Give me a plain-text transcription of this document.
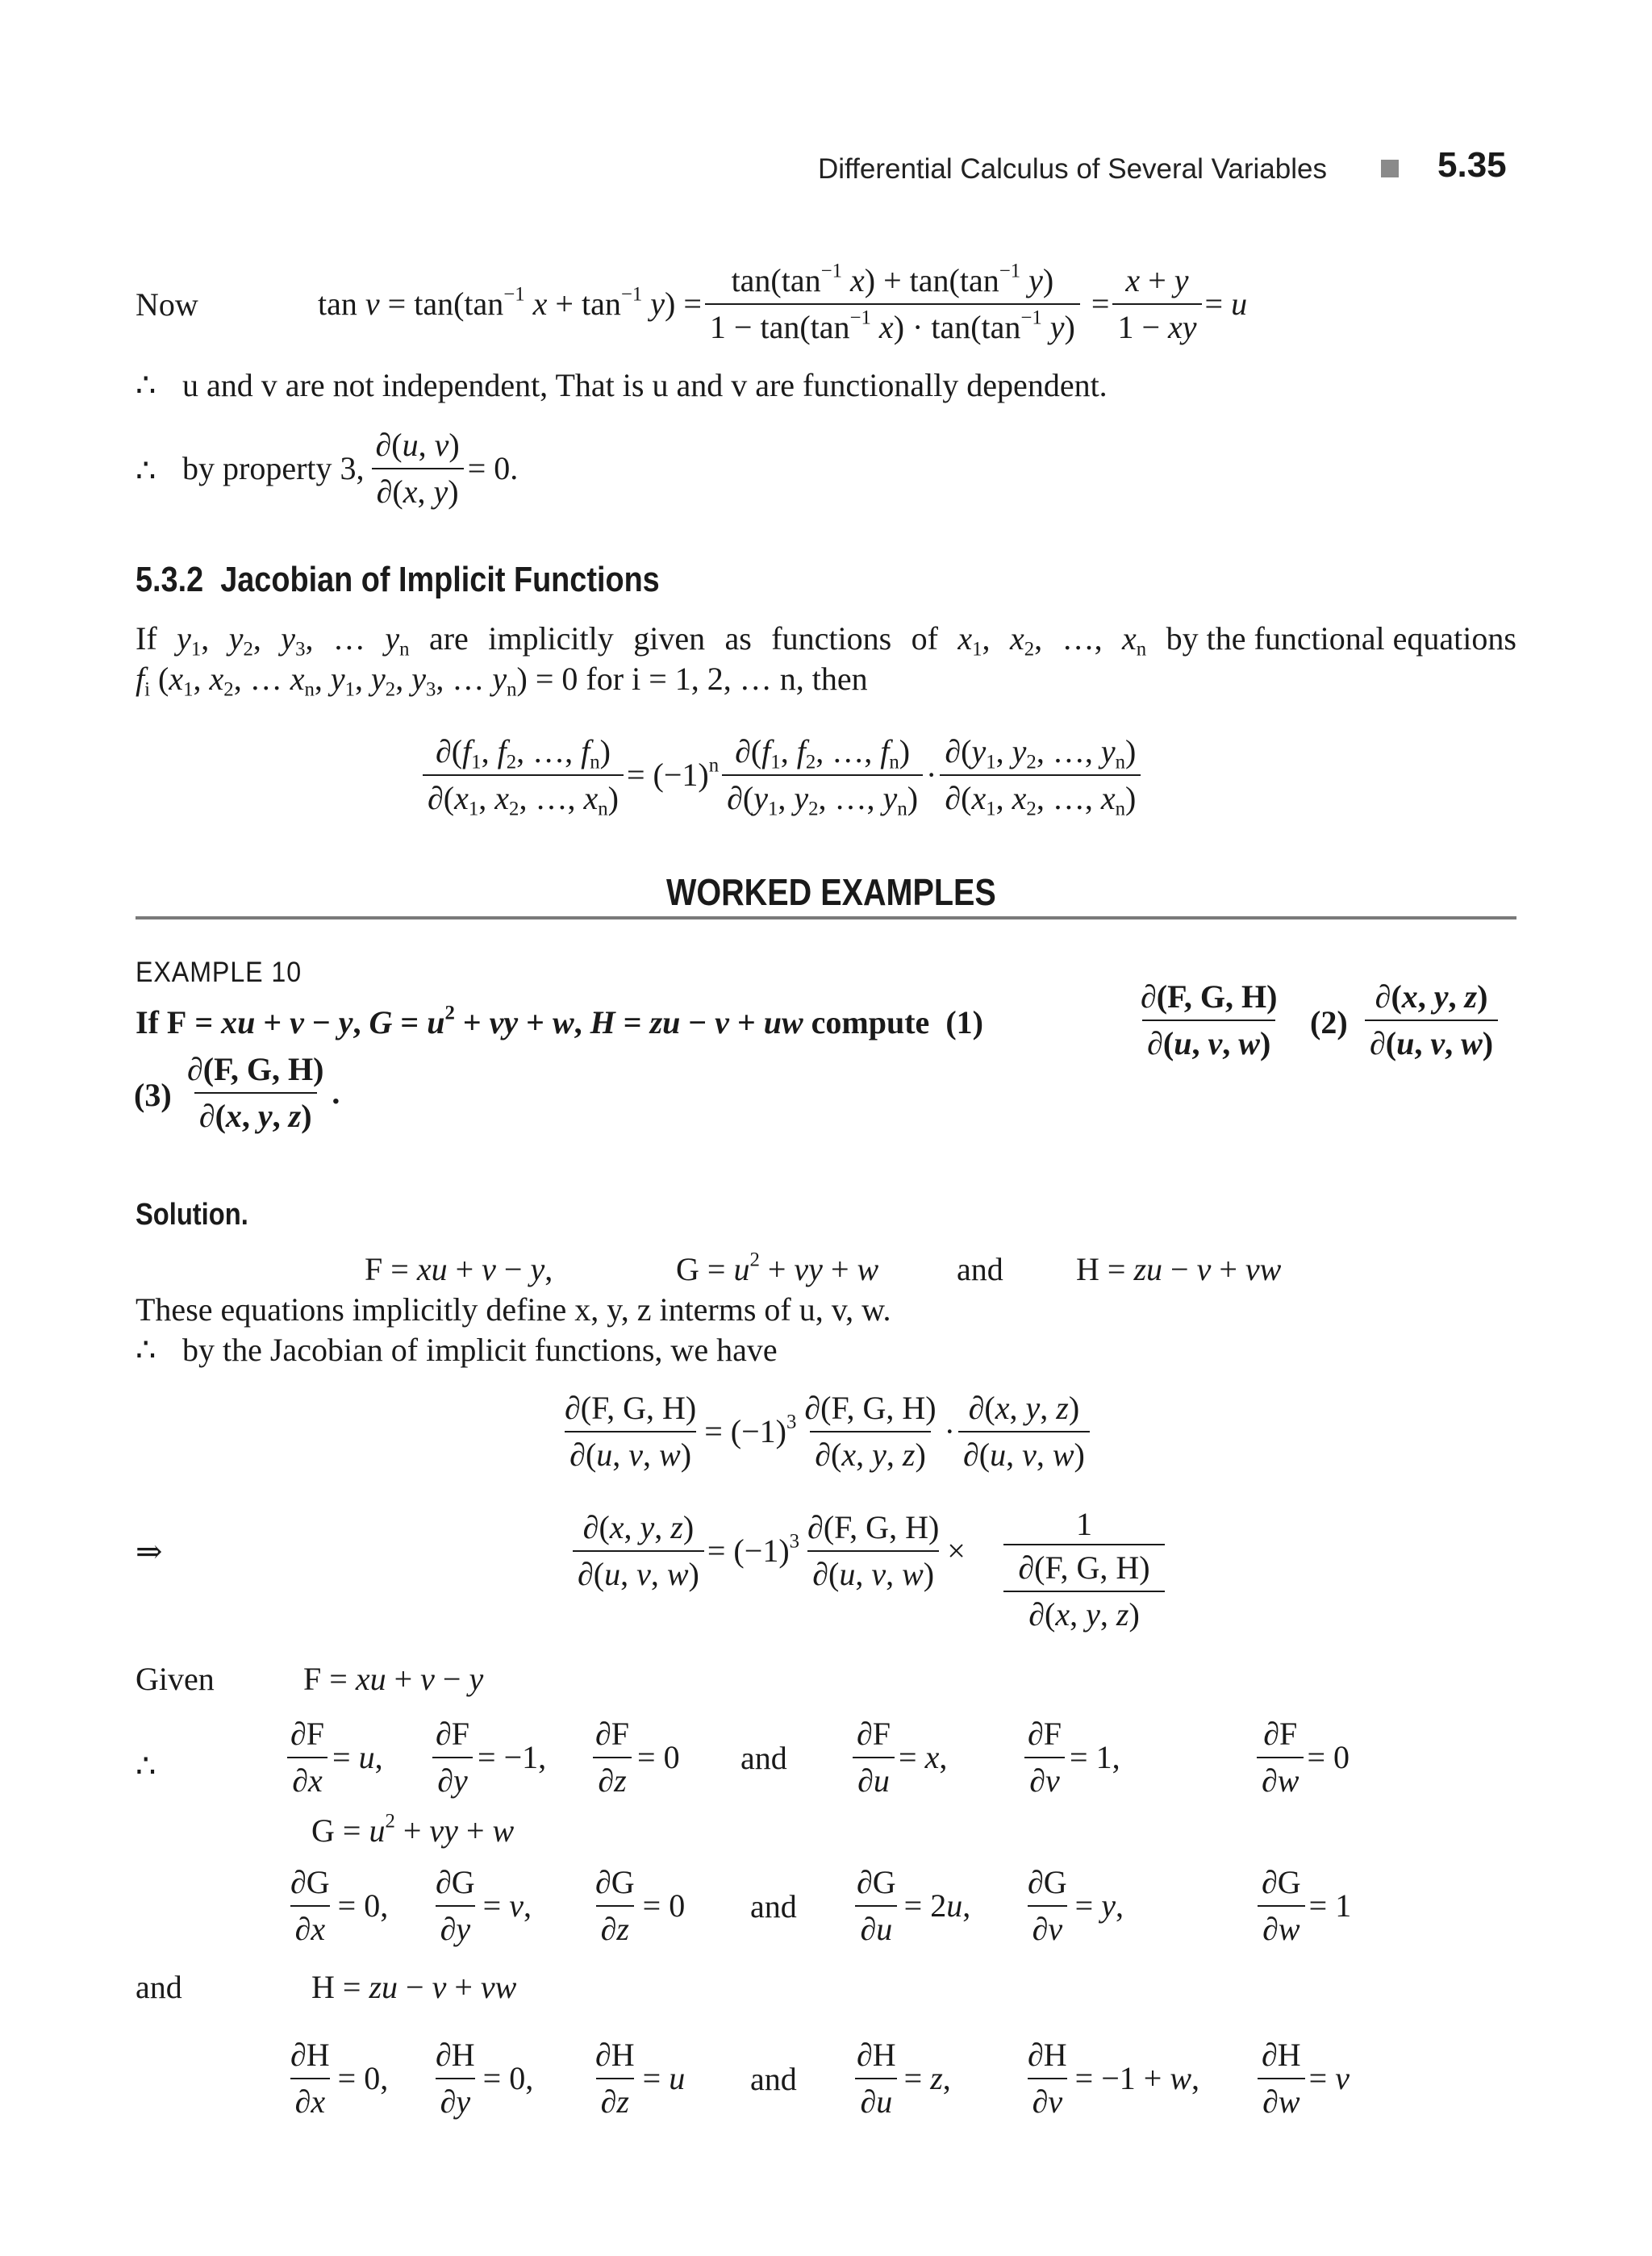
Differential Calculus of Several Variables	5.35
Now	$\tan v = \tan(\tan^{-1}$ $x + \tan^{-1} y) = \frac{\tan(\tan^{-1} x) + \tan(\tan^{-1} y)}{1 - \tan(\tan^{-1} x) \cdot \tan(\tan^{-1} y)} = \frac{x + y}{1 - xy} = u$
∴ u and v are not independent, That is u and v are functionally dependent.
∴ by property 3, $\frac{\partial(u, v)}{\partial(x, y)} = 0$.
5.3.2 Jacobian of Implicit Functions
If $y_1$, $y_2$, $y_3$, … $y_n$ are implicitly given as functions of $x_1$, $x_2$, …, $x_n$ by the functional equations
$f_i$ ($x_1$, $x_2$, … $x_n$, $y_1$, $y_2$, $y_3$, … $y_n) = 0$ for i = 1, 2, … n, then
$\frac{\partial(f_1, f_2, \dots, f_n)}{\partial(x_1, x_2, \dots, x_n)} = (-1)^n \frac{\partial(f_1, f_2, \dots, f_n)}{\partial(y_1, y_2, \dots, y_n)} \cdot \frac{\partial(y_1, y_2, \dots, y_n)}{\partial(x_1, x_2, \dots, x_n)}$
WORKED EXAMPLES
EXAMPLE 10
If F = xu + v − y, $G = u^2$ + vy + w, H = zu − v + uw compute (1)	$\frac{\partial(F, G, H)}{\partial(u, v, w)} (2) \frac{\partial(x, y, z)}{\partial(u, v, w)}$
$(3) \frac{\partial(F, G, H)}{\partial(x, y, z)}$ .
Solution.
F = xu + v − y,	$G = u^2$ + vy + w and H = zu − v + vw
These equations implicitly define x, y, z interms of u, v, w.
∴ by the Jacobian of implicit functions, we have
$\frac{\partial(F, G, H)}{\partial(u, v, w)} = (-1)^3 \frac{\partial(F, G, H)}{\partial(x, y, z)} \cdot \frac{\partial(x, y, z)}{\partial(u, v, w)}$
⇒	$\frac{\partial(x, y, z)}{\partial(u, v, w)} = (-1)^3 \frac{\partial(F, G, H)}{\partial(u, v, w)}$ ×
1
∂(F, G, H)
∂(x, y, z)
Given	F = xu + v − y
∴	$\frac{\partial F}{\partial x} = u$, $\frac{\partial F}{\partial y} = -1$, $\frac{\partial F}{\partial z} = 0$ and $\frac{\partial F}{\partial u} = x$, $\frac{\partial F}{\partial v} = 1$,	$\frac{\partial F}{\partial w} = 0$
$G = u^2$ + vy + w
$\frac{\partial G}{\partial x} = 0$, $\frac{\partial G}{\partial y} = v$, $\frac{\partial G}{\partial z} = 0$ and $\frac{\partial G}{\partial u} = 2u$, $\frac{\partial G}{\partial v} = y$,	$\frac{\partial G}{\partial w} = 1$
and	H = zu − v + vw
$\frac{\partial H}{\partial x} = 0$, $\frac{\partial H}{\partial y} = 0$, $\frac{\partial H}{\partial z} = u$ and $\frac{\partial H}{\partial u} = z$, $\frac{\partial H}{\partial v} = -1 + w$, $\frac{\partial H}{\partial w} = v$
